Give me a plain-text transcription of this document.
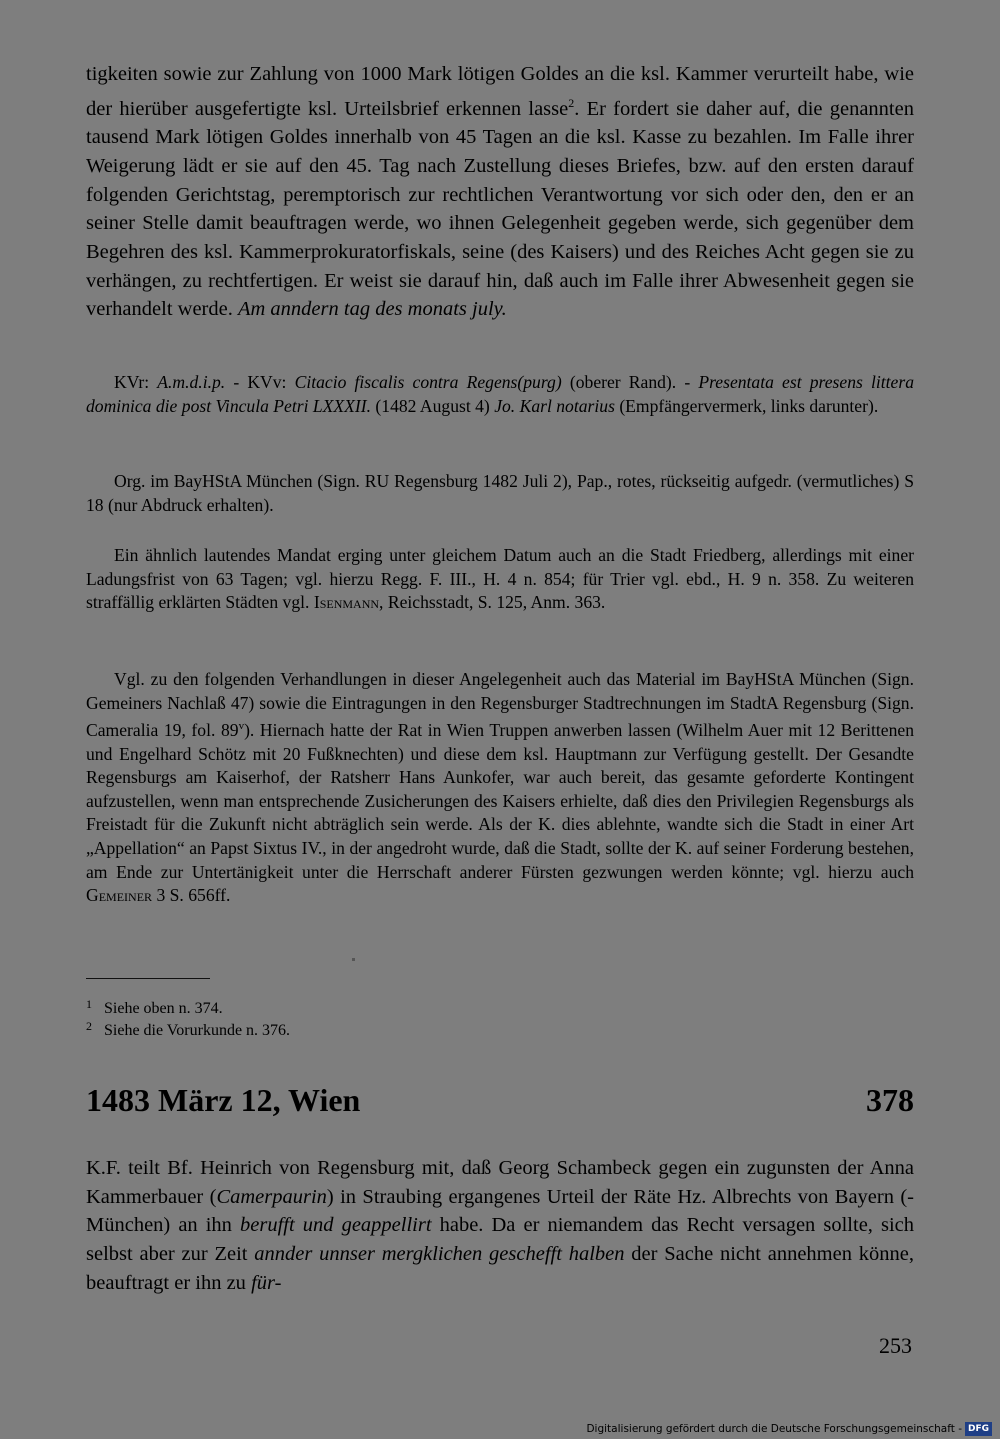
tigkeiten sowie zur Zahlung von 1000 Mark lötigen Goldes an die ksl. Kammer verurteilt habe, wie der hierüber ausgefertigte ksl. Urteilsbrief erkennen lasse$^2$. Er fordert sie daher auf, die genannten tausend Mark lötigen Goldes innerhalb von 45 Tagen an die ksl. Kasse zu bezahlen. Im Falle ihrer Weigerung lädt er sie auf den 45. Tag nach Zustellung dieses Briefes, bzw. auf den ersten darauf folgenden Gerichtstag, peremptorisch zur rechtlichen Verantwortung vor sich oder den, den er an seiner Stelle damit beauftragen werde, wo ihnen Gelegenheit gegeben werde, sich gegenüber dem Begehren des ksl. Kammerprokuratorfiskals, seine (des Kaisers) und des Reiches Acht gegen sie zu verhängen, zu rechtfertigen. Er weist sie darauf hin, daß auch im Falle ihrer Abwesenheit gegen sie verhandelt werde. Am anndern tag des monats july.

KVr: A.m.d.i.p. - KVv: Citacio fiscalis contra Regens(purg) (oberer Rand). - Presentata est presens littera dominica die post Vincula Petri LXXXII. (1482 August 4) Jo. Karl notarius (Empfängervermerk, links darunter).

Org. im BayHStA München (Sign. RU Regensburg 1482 Juli 2), Pap., rotes, rückseitig aufgedr. (vermutliches) S 18 (nur Abdruck erhalten).

Ein ähnlich lautendes Mandat erging unter gleichem Datum auch an die Stadt Friedberg, allerdings mit einer Ladungsfrist von 63 Tagen; vgl. hierzu Regg. F. III., H. 4 n. 854; für Trier vgl. ebd., H. 9 n. 358. Zu weiteren straffällig erklärten Städten vgl. Isenmann, Reichsstadt, S. 125, Anm. 363.

Vgl. zu den folgenden Verhandlungen in dieser Angelegenheit auch das Material im BayHStA München (Sign. Gemeiners Nachlaß 47) sowie die Eintragungen in den Regensburger Stadtrechnungen im StadtA Regensburg (Sign. Cameralia 19, fol. 89$^v$). Hiernach hatte der Rat in Wien Truppen anwerben lassen (Wilhelm Auer mit 12 Berittenen und Engelhard Schötz mit 20 Fußknechten) und diese dem ksl. Hauptmann zur Verfügung gestellt. Der Gesandte Regensburgs am Kaiserhof, der Ratsherr Hans Aunkofer, war auch bereit, das gesamte geforderte Kontingent aufzustellen, wenn man entsprechende Zusicherungen des Kaisers erhielte, daß dies den Privilegien Regensburgs als Freistadt für die Zukunft nicht abträglich sein werde. Als der K. dies ablehnte, wandte sich die Stadt in einer Art „Appellation“ an Papst Sixtus IV., in der angedroht wurde, daß die Stadt, sollte der K. auf seiner Forderung bestehen, am Ende zur Untertänigkeit unter die Herrschaft anderer Fürsten gezwungen werden könnte; vgl. hierzu auch Gemeiner 3 S. 656ff.

1 Siehe oben n. 374.

2 Siehe die Vorurkunde n. 376.

1483 März 12, Wien	378

K.F. teilt Bf. Heinrich von Regensburg mit, daß Georg Schambeck gegen ein zugunsten der Anna Kammerbauer (Camerpaurin) in Straubing ergangenes Urteil der Räte Hz. Albrechts von Bayern (-München) an ihn berufft und geappellirt habe. Da er niemandem das Recht versagen sollte, sich selbst aber zur Zeit annder unnser mergklichen geschefft halben der Sache nicht annehmen könne, beauftragt er ihn zu für-

253
Digitalisierung gefördert durch die Deutsche Forschungsgemeinschaft - DFG
